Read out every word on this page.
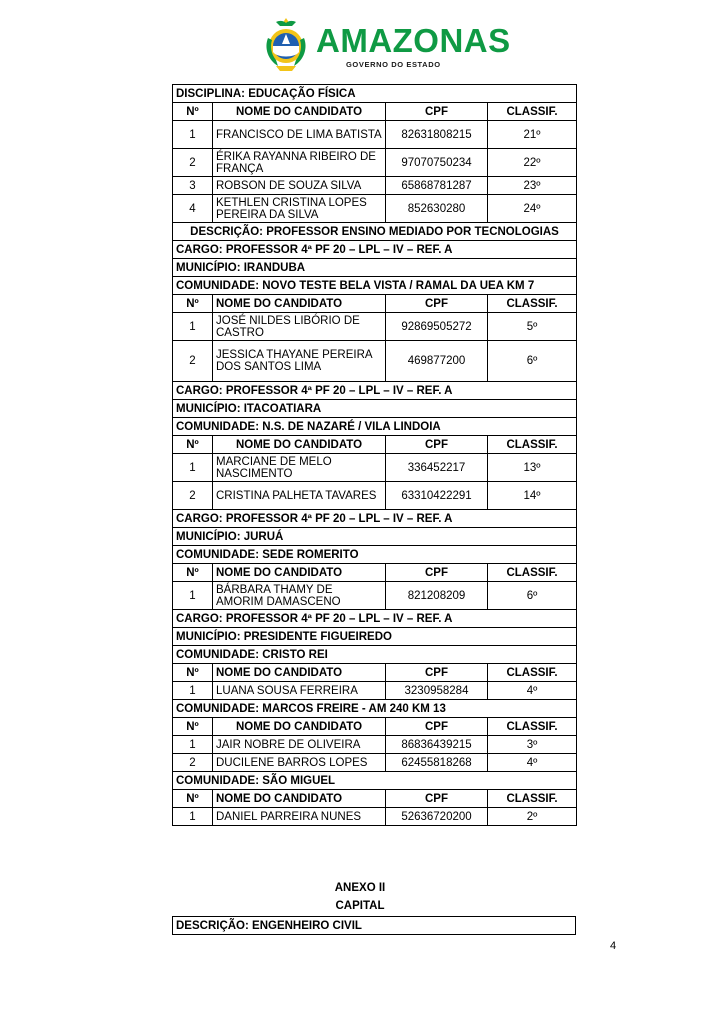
AMAZONAS
GOVERNO DO ESTADO
DISCIPLINA: EDUCAÇÃO FÍSICA			
Nº	NOME DO CANDIDATO	CPF	CLASSIF.
1	FRANCISCO DE LIMA BATISTA	82631808215	21º
2	ÉRIKA RAYANNA RIBEIRO DE FRANÇA	97070750234	22º
3	ROBSON DE SOUZA SILVA	65868781287	23º
4	KETHLEN CRISTINA LOPES PEREIRA DA SILVA	852630280	24º
DESCRIÇÃO: PROFESSOR ENSINO MEDIADO POR TECNOLOGIAS			
CARGO: PROFESSOR 4ª PF 20 – LPL – IV – REF. A			
MUNICÍPIO: IRANDUBA			
COMUNIDADE: NOVO TESTE BELA VISTA / RAMAL DA UEA KM 7			
Nº	NOME DO CANDIDATO	CPF	CLASSIF.
1	JOSÉ NILDES LIBÓRIO DE CASTRO	92869505272	5º
2	JESSICA THAYANE PEREIRA DOS SANTOS LIMA	469877200	6º
CARGO: PROFESSOR 4ª PF 20 – LPL – IV – REF. A			
MUNICÍPIO: ITACOATIARA			
COMUNIDADE: N.S. DE NAZARÉ / VILA LINDOIA			
Nº	NOME DO CANDIDATO	CPF	CLASSIF.
1	MARCIANE DE MELO NASCIMENTO	336452217	13º
2	CRISTINA PALHETA TAVARES	63310422291	14º
CARGO: PROFESSOR 4ª PF 20 – LPL – IV – REF. A			
MUNICÍPIO: JURUÁ			
COMUNIDADE: SEDE ROMERITO			
Nº	NOME DO CANDIDATO	CPF	CLASSIF.
1	BÁRBARA THAMY DE AMORIM DAMASCENO	821208209	6º
CARGO: PROFESSOR 4ª PF 20 – LPL – IV – REF. A			
MUNICÍPIO: PRESIDENTE FIGUEIREDO			
COMUNIDADE: CRISTO REI			
Nº	NOME DO CANDIDATO	CPF	CLASSIF.
1	LUANA SOUSA FERREIRA	3230958284	4º
COMUNIDADE: MARCOS FREIRE - AM 240 KM 13			
Nº	NOME DO CANDIDATO	CPF	CLASSIF.
1	JAIR NOBRE DE OLIVEIRA	86836439215	3º
2	DUCILENE BARROS LOPES	62455818268	4º
COMUNIDADE: SÃO MIGUEL			
Nº	NOME DO CANDIDATO	CPF	CLASSIF.
1	DANIEL PARREIRA NUNES	52636720200	2º
ANEXO II
CAPITAL
DESCRIÇÃO: ENGENHEIRO CIVIL
4
